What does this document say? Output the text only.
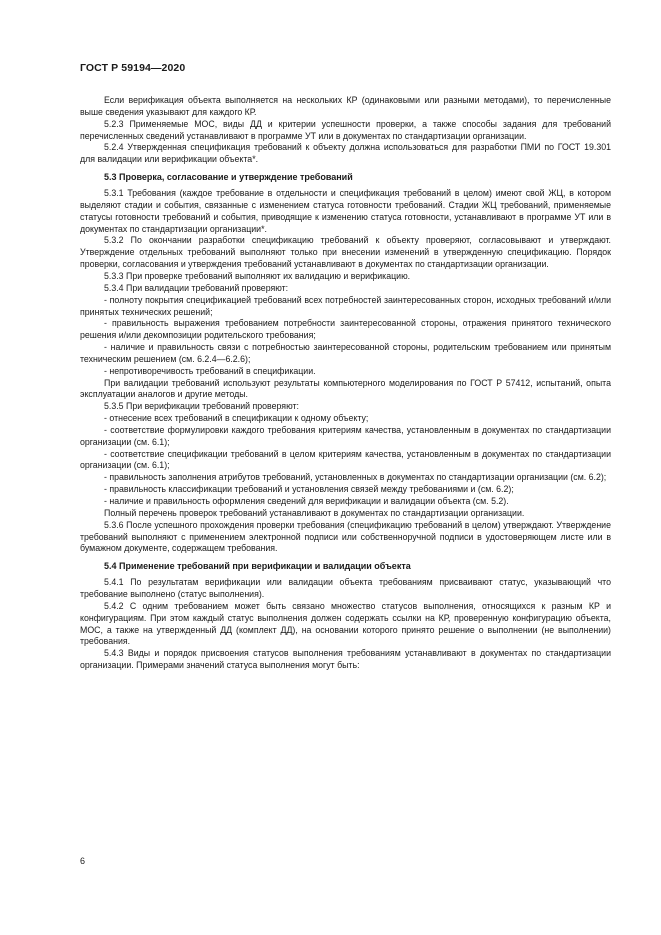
ГОСТ Р 59194—2020

Если верификация объекта выполняется на нескольких КР (одинаковыми или разными методами), то перечисленные выше сведения указывают для каждого КР.

5.2.3 Применяемые МОС, виды ДД и критерии успешности проверки, а также способы задания для требований перечисленных сведений устанавливают в программе УТ или в документах по стандартизации организации.

5.2.4 Утвержденная спецификация требований к объекту должна использоваться для разработки ПМИ по ГОСТ 19.301 для валидации или верификации объекта*.

5.3 Проверка, согласование и утверждение требований

5.3.1 Требования (каждое требование в отдельности и спецификация требований в целом) имеют свой ЖЦ, в котором выделяют стадии и события, связанные с изменением статуса готовности требований. Стадии ЖЦ требований, применяемые статусы готовности требований и события, приводящие к изменению статуса готовности, устанавливают в программе УТ или в документах по стандартизации организации*.

5.3.2 По окончании разработки спецификацию требований к объекту проверяют, согласовывают и утверждают. Утверждение отдельных требований выполняют только при внесении изменений в утвержденную спецификацию. Порядок проверки, согласования и утверждения требований устанавливают в документах по стандартизации организации.

5.3.3 При проверке требований выполняют их валидацию и верификацию.

5.3.4 При валидации требований проверяют:

- полноту покрытия спецификацией требований всех потребностей заинтересованных сторон, исходных требований и/или принятых технических решений;

- правильность выражения требованием потребности заинтересованной стороны, отражения принятого технического решения и/или декомпозиции родительского требования;

- наличие и правильность связи с потребностью заинтересованной стороны, родительским требованием или принятым техническим решением (см. 6.2.4—6.2.6);

- непротиворечивость требований в спецификации.

При валидации требований используют результаты компьютерного моделирования по ГОСТ Р 57412, испытаний, опыта эксплуатации аналогов и другие методы.

5.3.5 При верификации требований проверяют:

- отнесение всех требований в спецификации к одному объекту;

- соответствие формулировки каждого требования критериям качества, установленным в документах по стандартизации организации (см. 6.1);

- соответствие спецификации требований в целом критериям качества, установленным в документах по стандартизации организации (см. 6.1);

- правильность заполнения атрибутов требований, установленных в документах по стандартизации организации (см. 6.2);

- правильность классификации требований и установления связей между требованиями и (см. 6.2);

- наличие и правильность оформления сведений для верификации и валидации объекта (см. 5.2).

Полный перечень проверок требований устанавливают в документах по стандартизации организации.

5.3.6 После успешного прохождения проверки требования (спецификацию требований в целом) утверждают. Утверждение требований выполняют с применением электронной подписи или собственноручной подписи в удостоверяющем листе или в бумажном документе, содержащем требования.

5.4 Применение требований при верификации и валидации объекта

5.4.1 По результатам верификации или валидации объекта требованиям присваивают статус, указывающий что требование выполнено (статус выполнения).

5.4.2 С одним требованием может быть связано множество статусов выполнения, относящихся к разным КР и конфигурациям. При этом каждый статус выполнения должен содержать ссылки на КР, проверенную конфигурацию объекта, МОС, а также на утвержденный ДД (комплект ДД), на основании которого принято решение о выполнении (не выполнении) требования.

5.4.3 Виды и порядок присвоения статусов выполнения требованиям устанавливают в документах по стандартизации организации. Примерами значений статуса выполнения могут быть:

6
